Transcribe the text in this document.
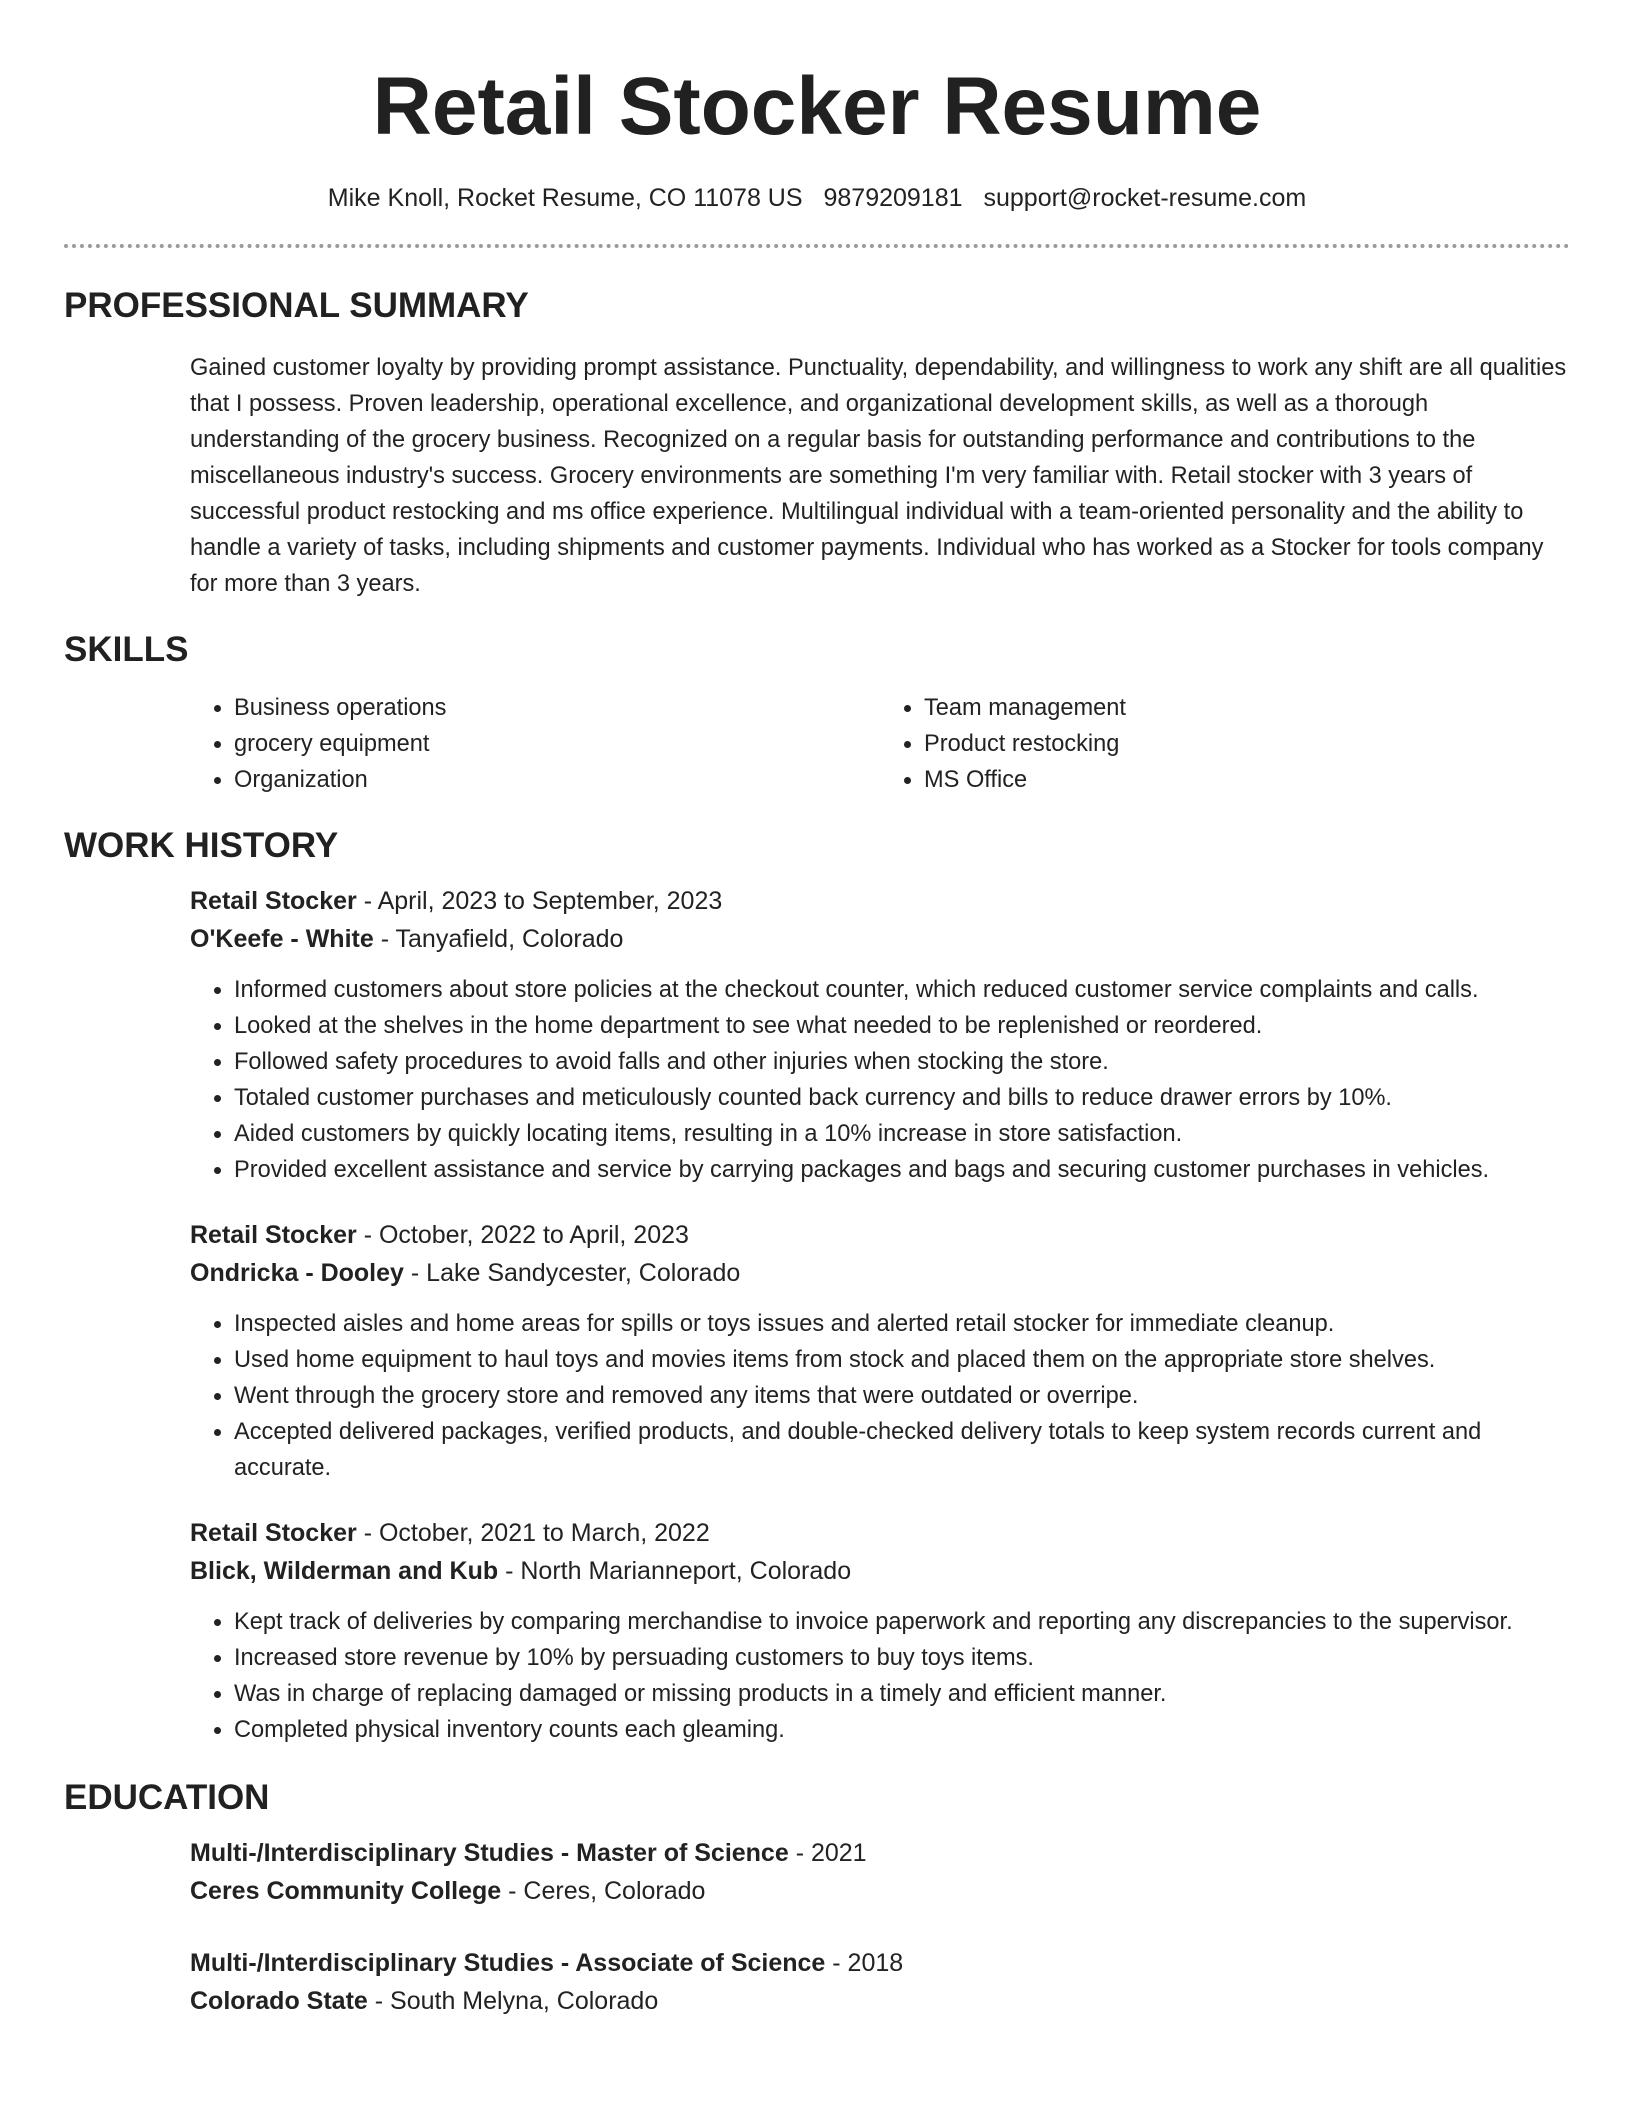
Retail Stocker Resume
Mike Knoll, Rocket Resume, CO 11078 US 9879209181 support@rocket-resume.com
PROFESSIONAL SUMMARY

Gained customer loyalty by providing prompt assistance. Punctuality, dependability, and willingness to work any shift are all qualities that I possess. Proven leadership, operational excellence, and organizational development skills, as well as a thorough understanding of the grocery business. Recognized on a regular basis for outstanding performance and contributions to the miscellaneous industry's success. Grocery environments are something I'm very familiar with. Retail stocker with 3 years of successful product restocking and ms office experience. Multilingual individual with a team-oriented personality and the ability to handle a variety of tasks, including shipments and customer payments. Individual who has worked as a Stocker for tools company for more than 3 years.

SKILLS
• Business operations
• grocery equipment
• Organization
• Team management
• Product restocking
• MS Office
WORK HISTORY
Retail Stocker - April, 2023 to September, 2023
O'Keefe - White - Tanyafield, Colorado
• Informed customers about store policies at the checkout counter, which reduced customer service complaints and calls.
• Looked at the shelves in the home department to see what needed to be replenished or reordered.
• Followed safety procedures to avoid falls and other injuries when stocking the store.
• Totaled customer purchases and meticulously counted back currency and bills to reduce drawer errors by 10%.
• Aided customers by quickly locating items, resulting in a 10% increase in store satisfaction.
• Provided excellent assistance and service by carrying packages and bags and securing customer purchases in vehicles.
Retail Stocker - October, 2022 to April, 2023
Ondricka - Dooley - Lake Sandycester, Colorado
• Inspected aisles and home areas for spills or toys issues and alerted retail stocker for immediate cleanup.
• Used home equipment to haul toys and movies items from stock and placed them on the appropriate store shelves.
• Went through the grocery store and removed any items that were outdated or overripe.
• Accepted delivered packages, verified products, and double-checked delivery totals to keep system records current and accurate.
Retail Stocker - October, 2021 to March, 2022
Blick, Wilderman and Kub - North Marianneport, Colorado
• Kept track of deliveries by comparing merchandise to invoice paperwork and reporting any discrepancies to the supervisor.
• Increased store revenue by 10% by persuading customers to buy toys items.
• Was in charge of replacing damaged or missing products in a timely and efficient manner.
• Completed physical inventory counts each gleaming.
EDUCATION
Multi-/Interdisciplinary Studies - Master of Science - 2021
Ceres Community College - Ceres, Colorado
Multi-/Interdisciplinary Studies - Associate of Science - 2018
Colorado State - South Melyna, Colorado
